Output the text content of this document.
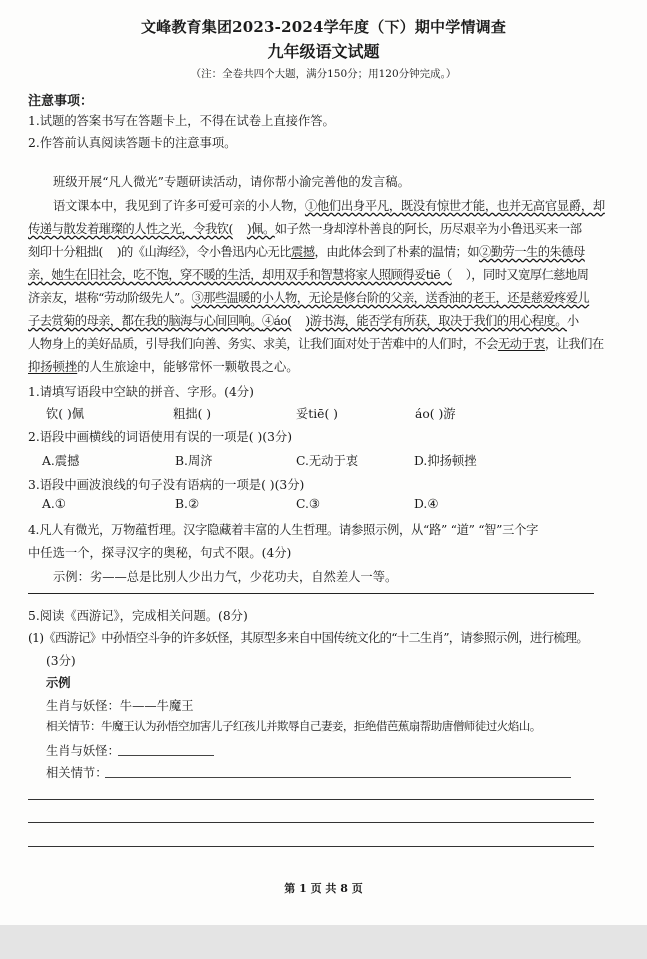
文峰教育集团2023-2024学年度（下）期中学情调查
九年级语文试题
（注：全卷共四个大题，满分150分；用120分钟完成。）
注意事项：
1.试题的答案书写在答题卡上，不得在试卷上直接作答。
2.作答前认真阅读答题卡的注意事项。
班级开展“凡人微光”专题研读活动，请你帮小渝完善他的发言稿。
语文课本中，我见到了许多可爱可亲的小人物，①他们出身平凡，既没有惊世才能，也并无高官显爵，却
传递与散发着璀璨的人性之光，令我钦( )佩。如子然一身却淳朴善良的阿长，历尽艰辛为小鲁迅买来一部
刻印十分粗拙( )的《山海经》，令小鲁迅内心无比震撼，由此体会到了朴素的温情；如②勤劳一生的朱德母
亲，她生在旧社会，吃不饱，穿不暖的生活，却用双手和智慧将家人照顾得妥tiē（ ），同时又宽厚仁慈地周
济亲友，堪称“劳动阶级先人”。③那些温暖的小人物，无论是修台阶的父亲，送香油的老王，还是慈爱疼爱儿
子去赏菊的母亲，都在我的脑海与心间回响。④áo( )游书海，能否学有所获，取决于我们的用心程度。小
人物身上的美好品质，引导我们向善、务实、求美，让我们面对处于苦难中的人们时，不会无动于衷，让我们在
抑扬顿挫的人生旅途中，能够常怀一颗敬畏之心。
1.请填写语段中空缺的拼音、字形。(4分)
钦( )佩	粗拙( )	妥tiē( )	áo( )游
2.语段中画横线的词语使用有误的一项是( )(3分)
A.震撼	B.周济	C.无动于衷	D.抑扬顿挫
3.语段中画波浪线的句子没有语病的一项是( )(3分)
A.①	B.②	C.③	D.④
4.凡人有微光，万物蕴哲理。汉字隐藏着丰富的人生哲理。请参照示例，从“路” “道” “智”三个字
中任选一个，探寻汉字的奥秘，句式不限。(4分)
示例：劣——总是比别人少出力气，少花功夫，自然差人一等。
5.阅读《西游记》，完成相关问题。(8分)
(1)《西游记》中孙悟空斗争的许多妖怪，其原型多来自中国传统文化的“十二生肖”，请参照示例，进行梳理。
(3分)
示例
生肖与妖怪：牛——牛魔王
相关情节：牛魔王认为孙悟空加害儿子红孩儿并欺辱自己妻妾，拒绝借芭蕉扇帮助唐僧师徒过火焰山。
生肖与妖怪：
相关情节：
第 1 页 共 8 页
